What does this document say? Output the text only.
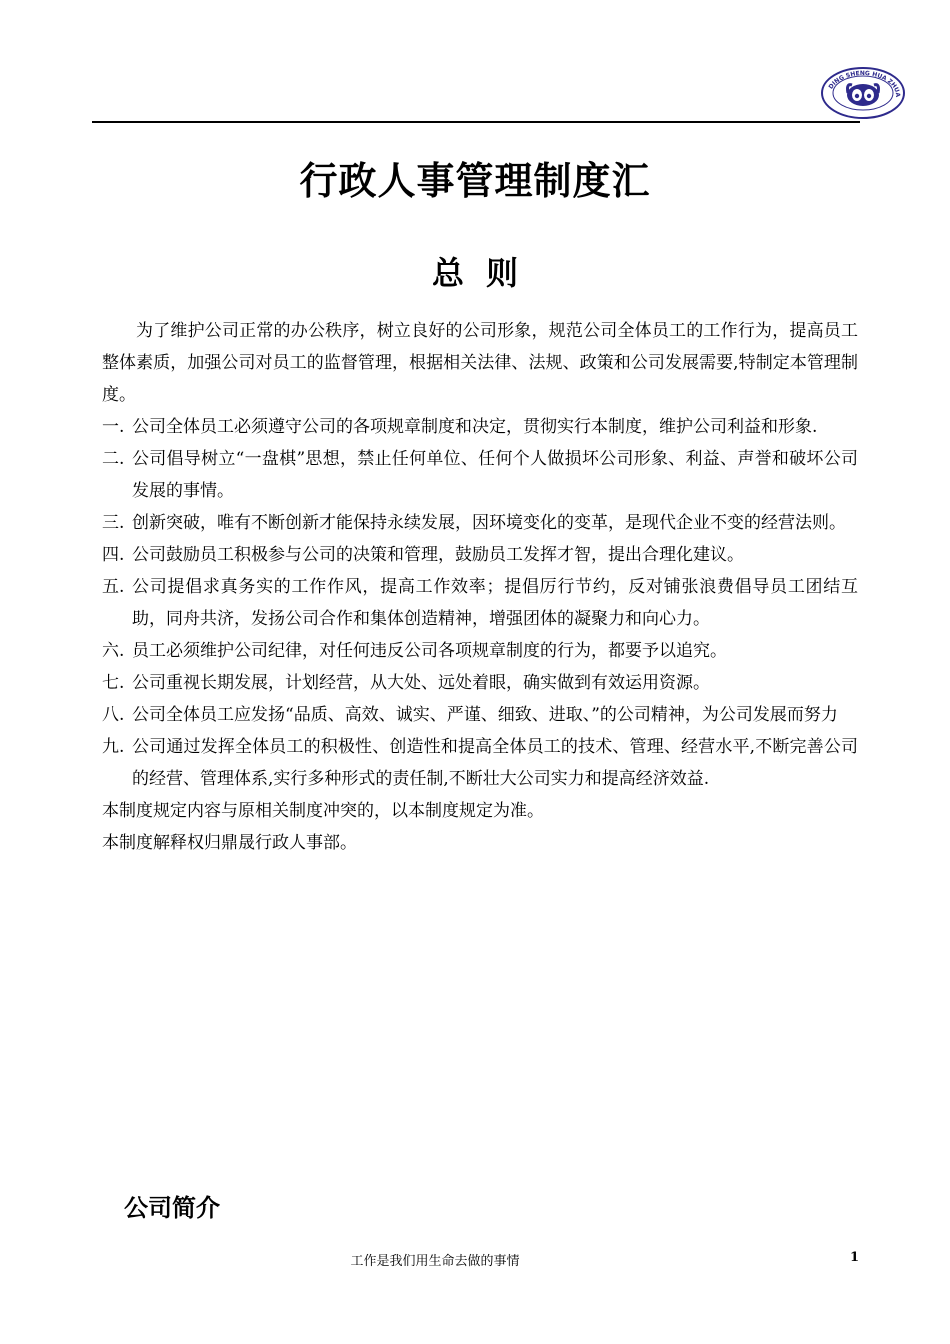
DING SHENG HUA ZHUA
行政人事管理制度汇
总则

为了维护公司正常的办公秩序，树立良好的公司形象，规范公司全体员工的工作行为，提高员工整体素质，加强公司对员工的监督管理，根据相关法律、法规、政策和公司发展需要,特制定本管理制度。

一. 公司全体员工必须遵守公司的各项规章制度和决定，贯彻实行本制度，维护公司利益和形象.
二. 公司倡导树立“一盘棋”思想，禁止任何单位、任何个人做损坏公司形象、利益、声誉和破坏公司发展的事情。
三. 创新突破，唯有不断创新才能保持永续发展，因环境变化的变革，是现代企业不变的经营法则。
四. 公司鼓励员工积极参与公司的决策和管理，鼓励员工发挥才智，提出合理化建议。
五. 公司提倡求真务实的工作作风，提高工作效率；提倡厉行节约，反对铺张浪费倡导员工团结互助，同舟共济，发扬公司合作和集体创造精神，增强团体的凝聚力和向心力。
六. 员工必须维护公司纪律，对任何违反公司各项规章制度的行为，都要予以追究。
七. 公司重视长期发展，计划经营，从大处、远处着眼，确实做到有效运用资源。
八. 公司全体员工应发扬“品质、高效、诚实、严谨、细致、进取、”的公司精神，为公司发展而努力
九. 公司通过发挥全体员工的积极性、创造性和提高全体员工的技术、管理、经营水平,不断完善公司的经营、管理体系,实行多种形式的责任制,不断壮大公司实力和提高经济效益.

本制度规定内容与原相关制度冲突的，以本制度规定为准。

本制度解释权归鼎晟行政人事部。

公司简介
工作是我们用生命去做的事情	1
